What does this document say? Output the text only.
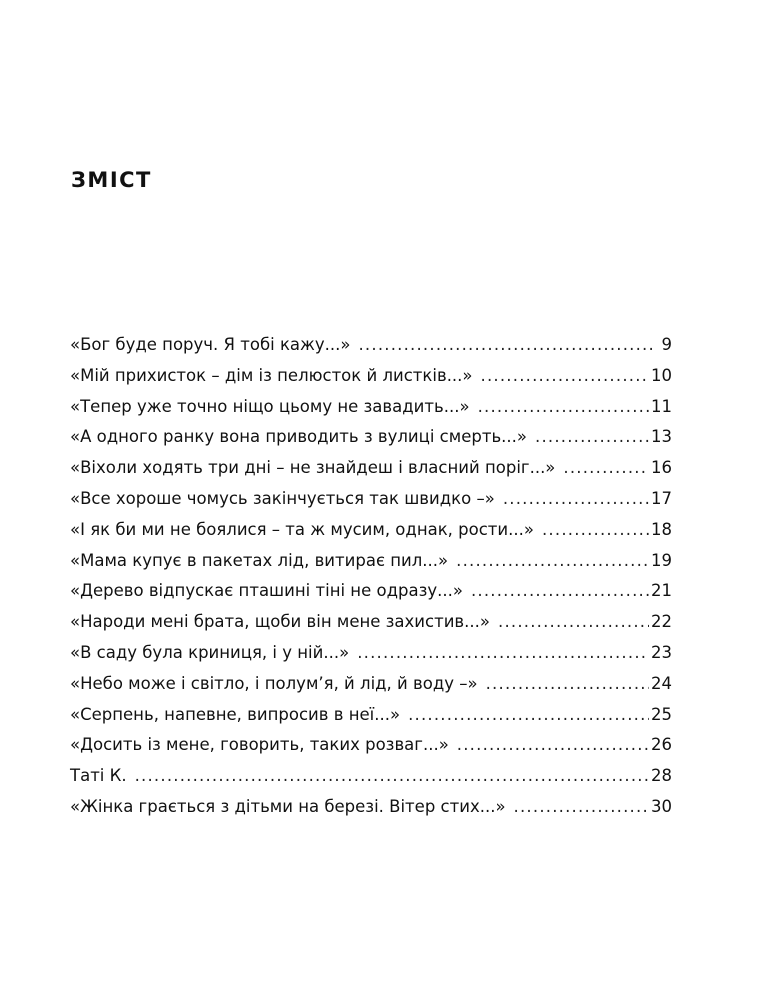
ЗМІСТ
«Бог буде поруч. Я тобі кажу...» .....	9
«Мій прихисток – дім із пелюсток й листків...» .....	10
«Тепер уже точно ніщо цьому не завадить...» .....	11
«А одного ранку вона приводить з вулиці смерть...» .....	13
«Віхоли ходять три дні – не знайдеш і власний поріг...» .....	16
«Все хороше чомусь закінчується так швидко –» .....	17
«І як би ми не боялися – та ж мусим, однак, рости...» .....	18
«Мама купує в пакетах лід, витирає пил...» .....	19
«Дерево відпускає пташині тіні не одразу...» .....	21
«Народи мені брата, щоби він мене захистив...» .....	22
«В саду була криниця, і у ній...» .....	23
«Небо може і світло, і полум’я, й лід, й воду –» .....	24
«Серпень, напевне, випросив в неї...» .....	25
«Досить із мене, говорить, таких розваг...» .....	26
Таті К. .....	28
«Жінка грається з дітьми на березі. Вітер стих...» .....	30
